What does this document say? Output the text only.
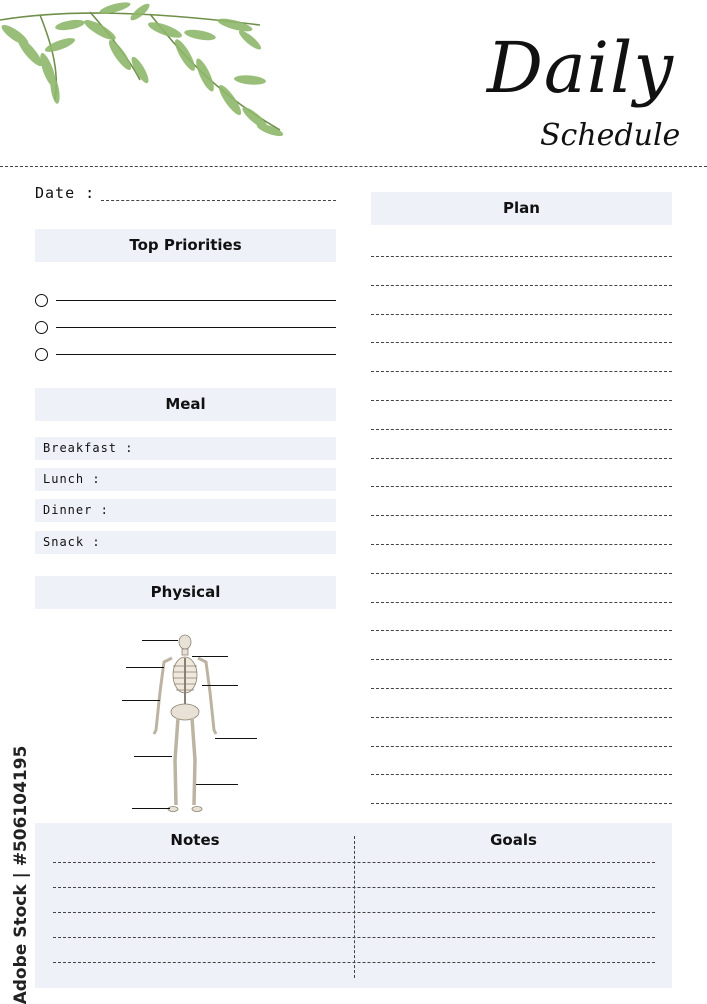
Daily
Schedule
Date :
Top Priorities
Meal
Breakfast :
Lunch :
Dinner :
Snack :
Physical
Plan
Notes	Goals
Adobe Stock | #506104195
